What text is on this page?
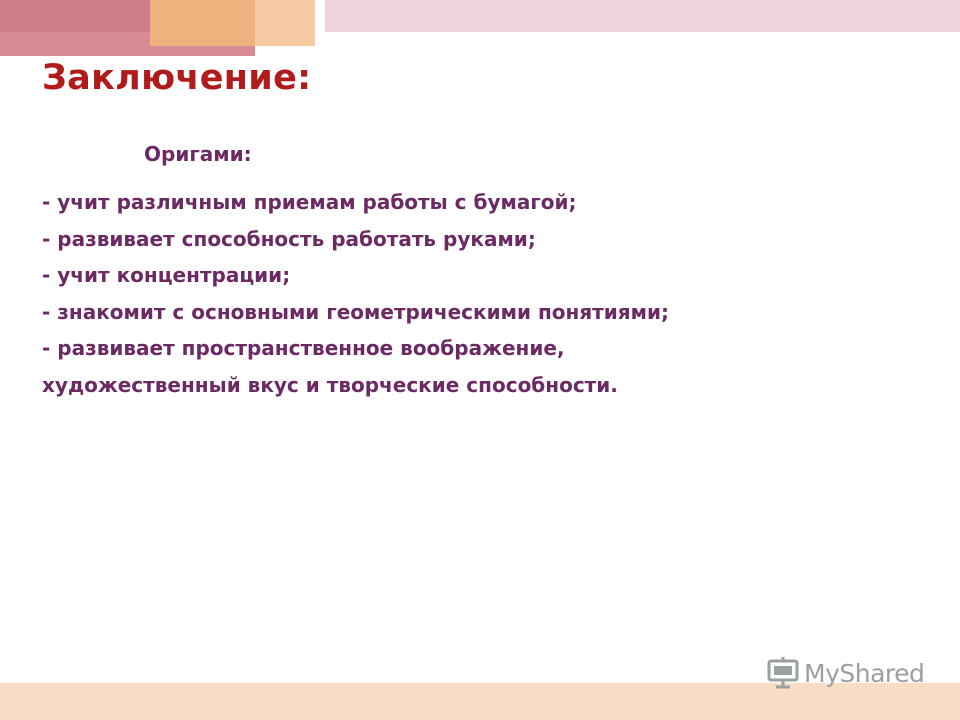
Заключение:
Оригами:
- учит различным приемам работы с бумагой;
- развивает способность работать руками;
- учит концентрации;
- знакомит с основными геометрическими понятиями;
- развивает пространственное воображение,
художественный вкус и творческие способности.
MyShared
